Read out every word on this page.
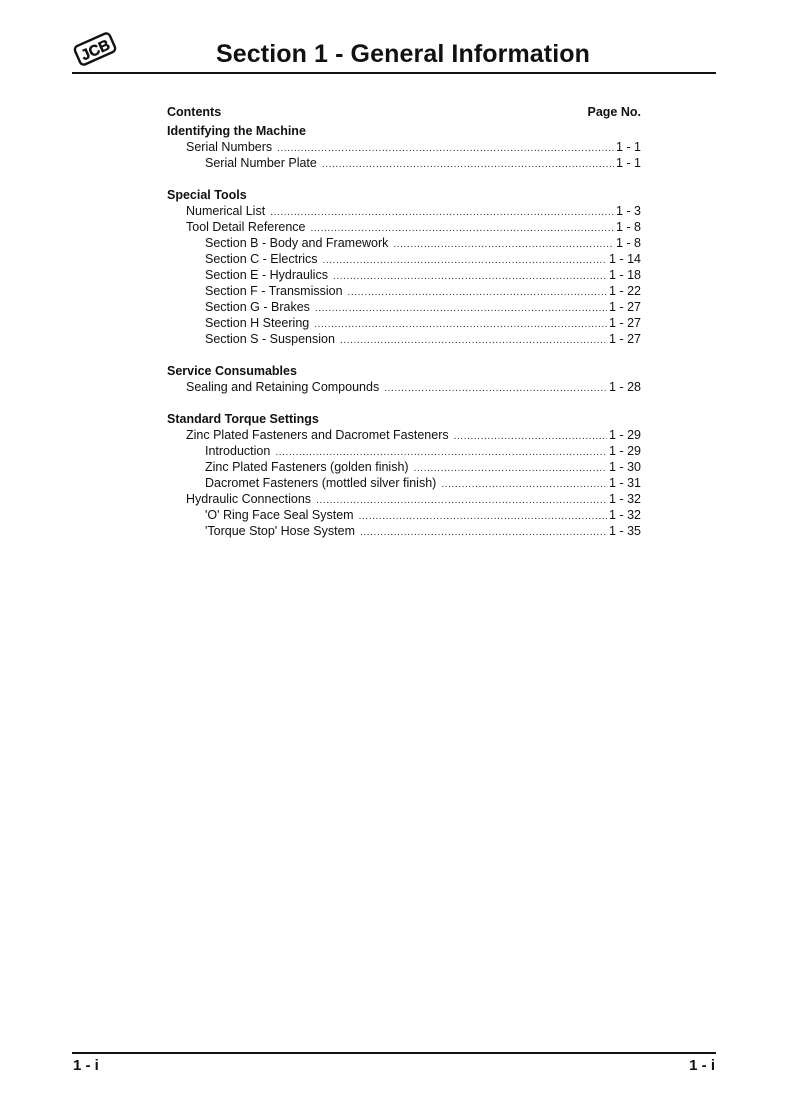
JCB	Section 1 - General Information
Contents	Page No.
Identifying the Machine
Serial Numbers .....	1 - 1
Serial Number Plate .....	1 - 1
Special Tools
Numerical List .....	1 - 3
Tool Detail Reference .....	1 - 8
Section B - Body and Framework .....	1 - 8
Section C - Electrics .....	1 - 14
Section E - Hydraulics .....	1 - 18
Section F - Transmission .....	1 - 22
Section G - Brakes .....	1 - 27
Section H Steering .....	1 - 27
Section S - Suspension .....	1 - 27
Service Consumables
Sealing and Retaining Compounds .....	1 - 28
Standard Torque Settings
Zinc Plated Fasteners and Dacromet Fasteners .....	1 - 29
Introduction .....	1 - 29
Zinc Plated Fasteners (golden finish) .....	1 - 30
Dacromet Fasteners (mottled silver finish) .....	1 - 31
Hydraulic Connections .....	1 - 32
'O' Ring Face Seal System .....	1 - 32
'Torque Stop' Hose System .....	1 - 35
1 - i	1 - i
